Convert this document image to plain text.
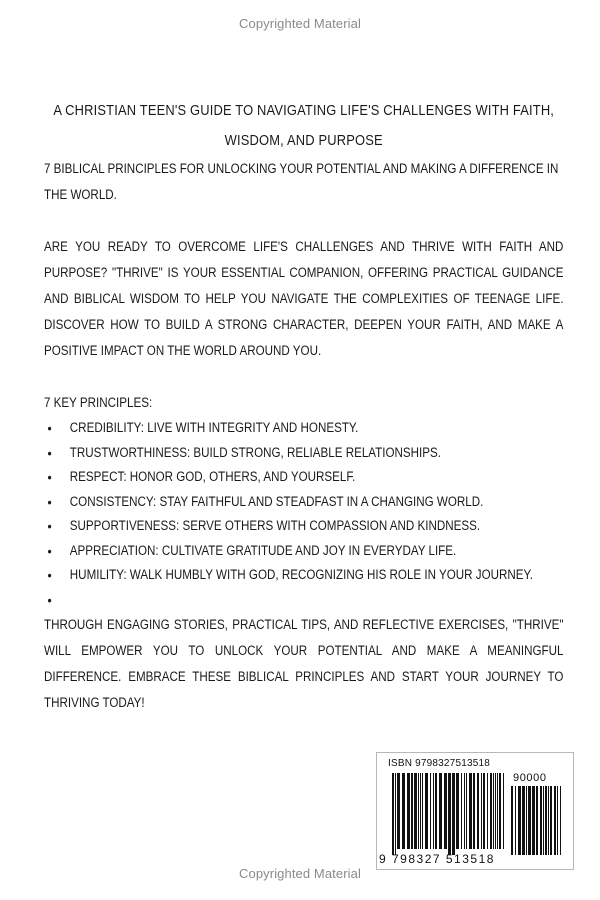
Copyrighted Material

A CHRISTIAN TEEN'S GUIDE TO NAVIGATING LIFE'S CHALLENGES WITH FAITH, WISDOM, AND PURPOSE

7 BIBLICAL PRINCIPLES FOR UNLOCKING YOUR POTENTIAL AND MAKING A DIFFERENCE IN THE WORLD.

ARE YOU READY TO OVERCOME LIFE'S CHALLENGES AND THRIVE WITH FAITH AND PURPOSE? "THRIVE" IS YOUR ESSENTIAL COMPANION, OFFERING PRACTICAL GUIDANCE AND BIBLICAL WISDOM TO HELP YOU NAVIGATE THE COMPLEXITIES OF TEENAGE LIFE. DISCOVER HOW TO BUILD A STRONG CHARACTER, DEEPEN YOUR FAITH, AND MAKE A POSITIVE IMPACT ON THE WORLD AROUND YOU.

7 KEY PRINCIPLES:

• CREDIBILITY: LIVE WITH INTEGRITY AND HONESTY.
• TRUSTWORTHINESS: BUILD STRONG, RELIABLE RELATIONSHIPS.
• RESPECT: HONOR GOD, OTHERS, AND YOURSELF.
• CONSISTENCY: STAY FAITHFUL AND STEADFAST IN A CHANGING WORLD.
• SUPPORTIVENESS: SERVE OTHERS WITH COMPASSION AND KINDNESS.
• APPRECIATION: CULTIVATE GRATITUDE AND JOY IN EVERYDAY LIFE.
• HUMILITY: WALK HUMBLY WITH GOD, RECOGNIZING HIS ROLE IN YOUR JOURNEY.
•

THROUGH ENGAGING STORIES, PRACTICAL TIPS, AND REFLECTIVE EXERCISES, "THRIVE" WILL EMPOWER YOU TO UNLOCK YOUR POTENTIAL AND MAKE A MEANINGFUL DIFFERENCE. EMBRACE THESE BIBLICAL PRINCIPLES AND START YOUR JOURNEY TO THRIVING TODAY!

ISBN 9798327513518
90000
9 798327 513518
Copyrighted Material
